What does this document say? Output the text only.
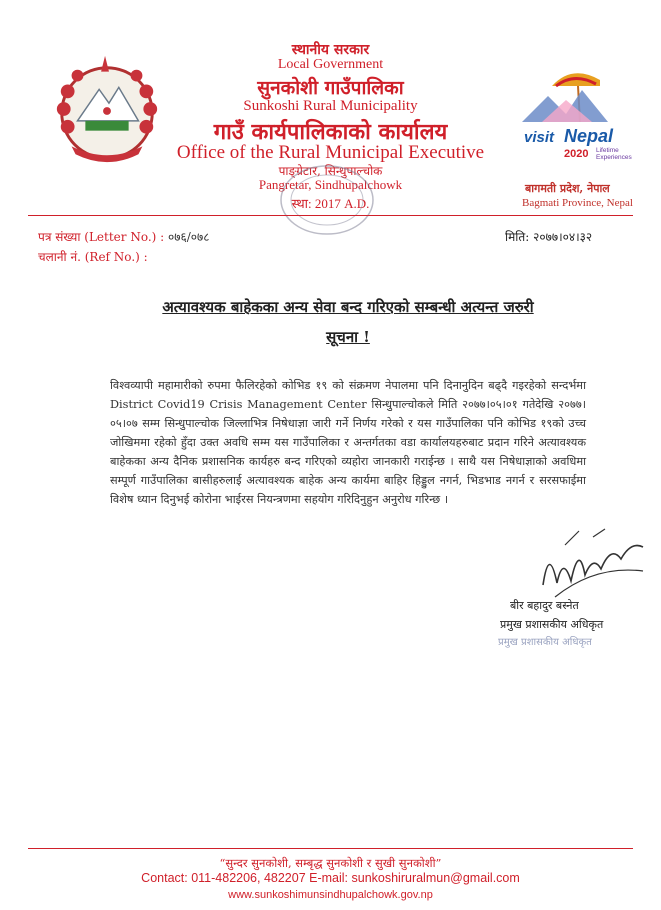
स्थानीय सरकार
Local Government
सुनकोशी गाउँपालिका
Sunkoshi Rural Municipality
गाउँ कार्यपालिकाको कार्यालय
Office of the Rural Municipal Executive
पाङ्ग्रेटार, सिन्धुपाल्चोक
Pangretar, Sindhupalchowk
स्था: 2017 A.D.
visit Nepal
2020 Lifetime
Experiences
बागमती प्रदेश, नेपाल
Bagmati Province, Nepal
पत्र संख्या (Letter No.) : ०७६/०७८
चलानी नं. (Ref No.) :
मिति: २०७७।०४।३२
अत्यावश्यक बाहेकका अन्य सेवा बन्द गरिएको सम्बन्धी अत्यन्त जरुरी
सूचना !
विश्वव्यापी महामारीको रुपमा फैलिरहेको कोभिड १९ को संक्रमण नेपालमा पनि दिनानुदिन बढ्दै गइरहेको सन्दर्भमा District Covid19 Crisis Management Center सिन्धुपाल्चोकले मिति २०७७।०५।०१ गतेदेखि २०७७।०५।०७ सम्म सिन्धुपाल्चोक जिल्लाभित्र निषेधाज्ञा जारी गर्ने निर्णय गरेको र यस गाउँपालिका पनि कोभिड १९को उच्च जोखिममा रहेको हुँदा उक्त अवधि सम्म यस गाउँपालिका र अन्तर्गतका वडा कार्यालयहरुबाट प्रदान गरिने अत्यावश्यक बाहेकका अन्य दैनिक प्रशासनिक कार्यहरु बन्द गरिएको व्यहोरा जानकारी गराईन्छ । साथै यस निषेधाज्ञाको अवधिमा सम्पूर्ण गाउँपालिका बासीहरुलाई अत्यावश्यक बाहेक अन्य कार्यमा बाहिर हिड्डुल नगर्न, भिडभाड नगर्न र सरसफाईमा विशेष ध्यान दिनुभई कोरोना भाईरस नियन्त्रणमा सहयोग गरिदिनुहुन अनुरोध गरिन्छ ।
बीर बहादुर बस्नेत
प्रमुख प्रशासकीय अधिकृत
प्रमुख प्रशासकीय अधिकृत
“सुन्दर सुनकोशी, सम्बृद्ध सुनकोशी र सुखी सुनकोशी”
Contact: 011-482206, 482207 E-mail: sunkoshiruralmun@gmail.com
www.sunkoshimunsindhupalchowk.gov.np
